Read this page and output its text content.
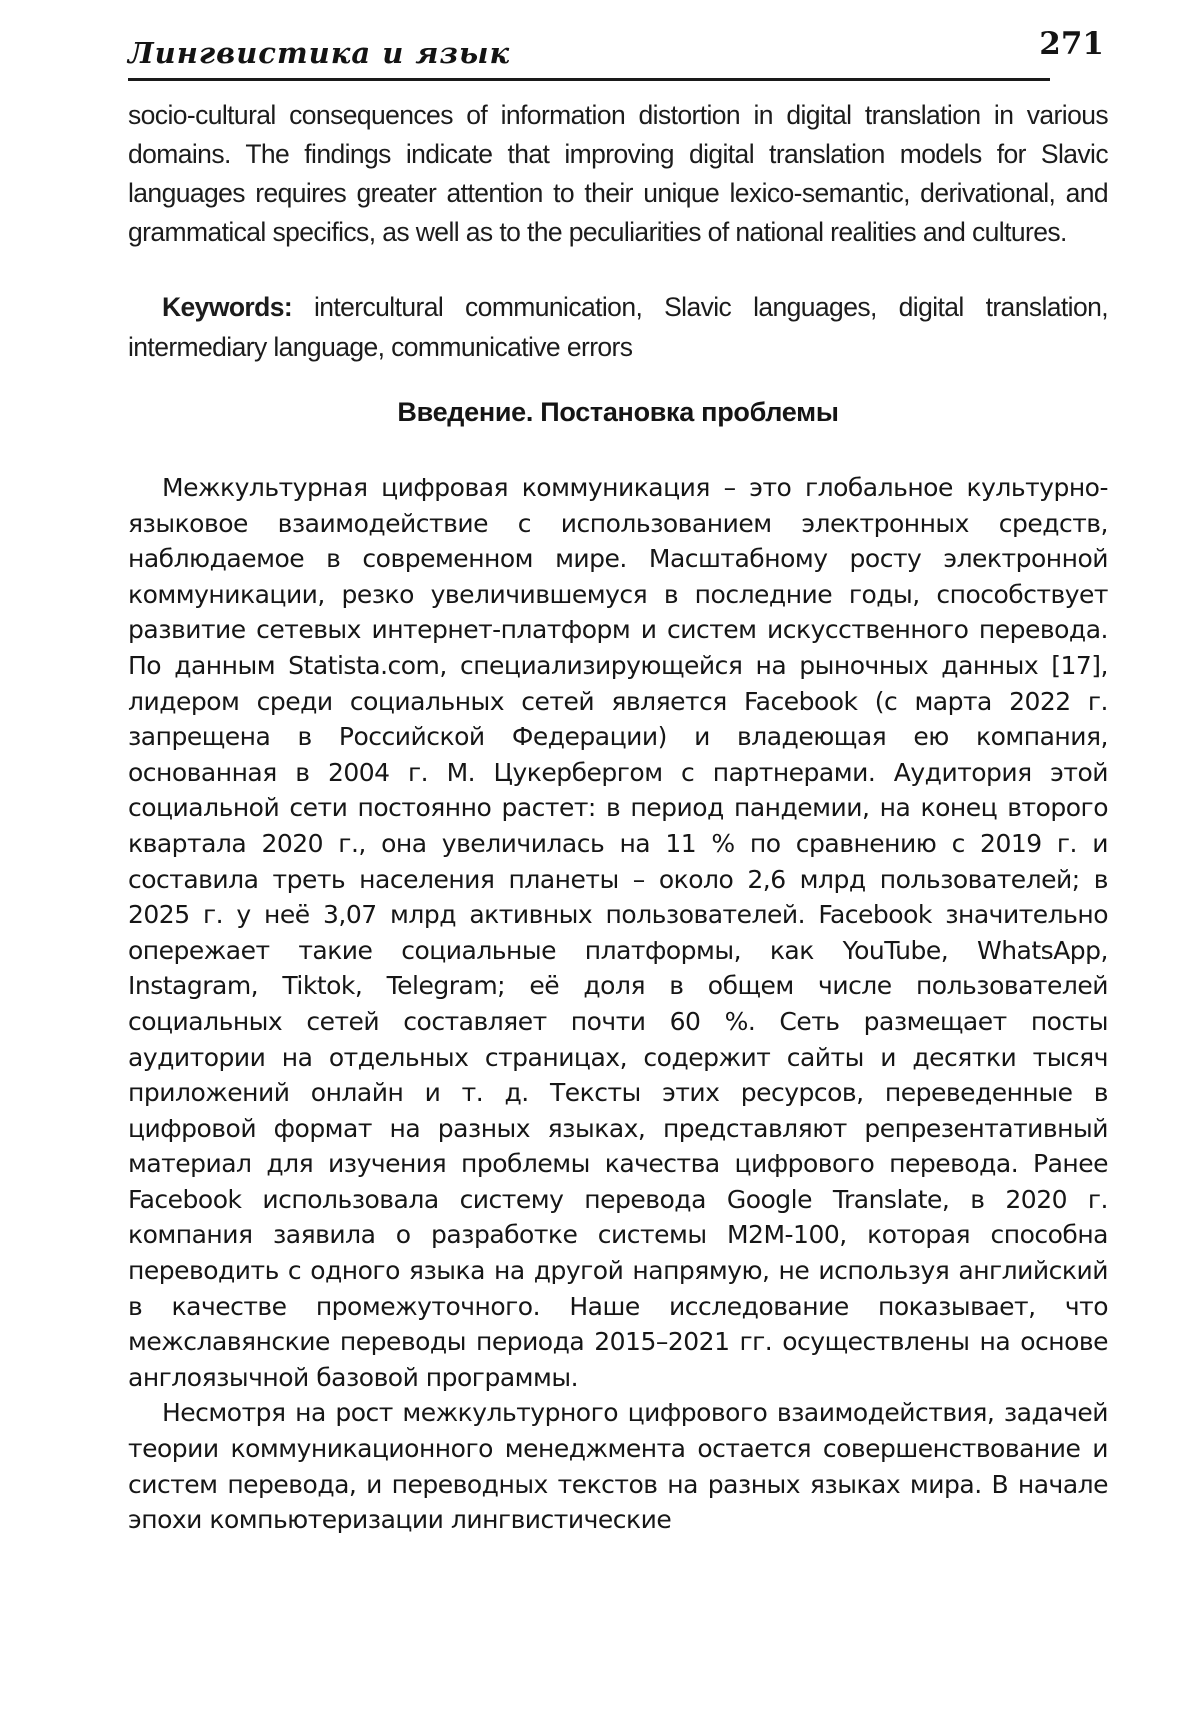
Лингвистика и язык	271
socio-cultural consequences of information distortion in digital translation in various domains. The findings indicate that improving digital translation models for Slavic languages requires greater attention to their unique lexico-semantic, derivational, and grammatical specifics, as well as to the peculiarities of national realities and cultures.
Keywords: intercultural communication, Slavic languages, digital translation, intermediary language, communicative errors
Введение. Постановка проблемы

Межкультурная цифровая коммуникация – это глобальное культурно-языковое взаимодействие с использованием электронных средств, наблюдаемое в современном мире. Масштабному росту электронной коммуникации, резко увеличившемуся в последние годы, способствует развитие сетевых интернет-платформ и систем искусственного перевода. По данным Statista.com, специализирующейся на рыночных данных [17], лидером среди социальных сетей является Facebook (с марта 2022 г. запрещена в Российской Федерации) и владеющая ею компания, основанная в 2004 г. М. Цукербергом с партнерами. Аудитория этой социальной сети постоянно растет: в период пандемии, на конец второго квартала 2020 г., она увеличилась на 11 % по сравнению с 2019 г. и составила треть населения планеты – около 2,6 млрд пользователей; в 2025 г. у неё 3,07 млрд активных пользователей. Facebook значительно опережает такие социальные платформы, как YouTube, WhatsApp, Instagram, Tiktok, Telegram; её доля в общем числе пользователей социальных сетей составляет почти 60 %. Сеть размещает посты аудитории на отдельных страницах, содержит сайты и десятки тысяч приложений онлайн и т. д. Тексты этих ресурсов, переведенные в цифровой формат на разных языках, представляют репрезентативный материал для изучения проблемы качества цифрового перевода. Ранее Facebook использовала систему перевода Google Translate, в 2020 г. компания заявила о разработке системы M2M-100, которая способна переводить с одного языка на другой напрямую, не используя английский в качестве промежуточного. Наше исследование показывает, что межславянские переводы периода 2015–2021 гг. осуществлены на основе англоязычной базовой программы.

Несмотря на рост межкультурного цифрового взаимодействия, задачей теории коммуникационного менеджмента остается совершенствование и систем перевода, и переводных текстов на разных языках мира. В начале эпохи компьютеризации лингвистические
